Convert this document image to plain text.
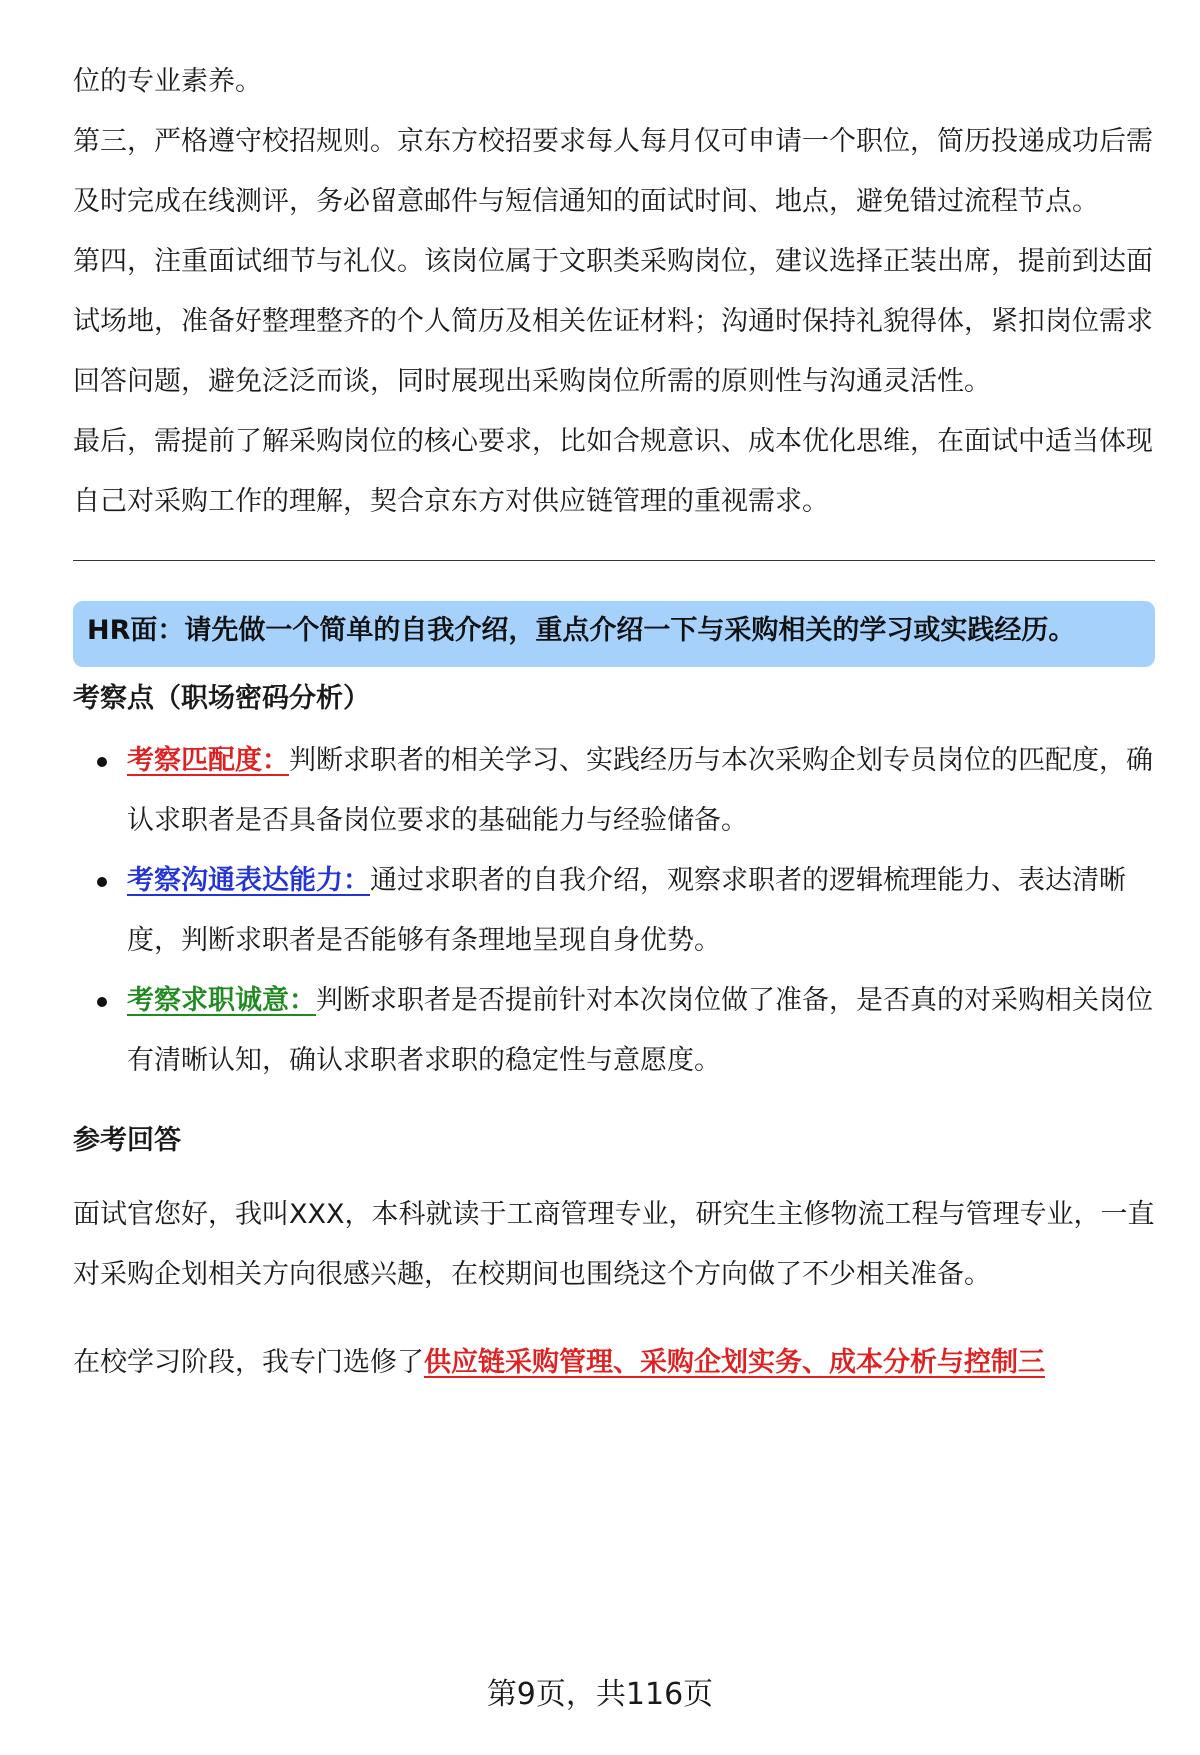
位的专业素养。

第三，严格遵守校招规则。京东方校招要求每人每月仅可申请一个职位，简历投递成功后需及时完成在线测评，务必留意邮件与短信通知的面试时间、地点，避免错过流程节点。

第四，注重面试细节与礼仪。该岗位属于文职类采购岗位，建议选择正装出席，提前到达面试场地，准备好整理整齐的个人简历及相关佐证材料；沟通时保持礼貌得体，紧扣岗位需求回答问题，避免泛泛而谈，同时展现出采购岗位所需的原则性与沟通灵活性。

最后，需提前了解采购岗位的核心要求，比如合规意识、成本优化思维，在面试中适当体现自己对采购工作的理解，契合京东方对供应链管理的重视需求。

HR面：请先做一个简单的自我介绍，重点介绍一下与采购相关的学习或实践经历。
考察点（职场密码分析）
考察匹配度：判断求职者的相关学习、实践经历与本次采购企划专员岗位的匹配度，确认求职者是否具备岗位要求的基础能力与经验储备。
考察沟通表达能力：通过求职者的自我介绍，观察求职者的逻辑梳理能力、表达清晰度，判断求职者是否能够有条理地呈现自身优势。
考察求职诚意：判断求职者是否提前针对本次岗位做了准备，是否真的对采购相关岗位有清晰认知，确认求职者求职的稳定性与意愿度。
参考回答

面试官您好，我叫XXX，本科就读于工商管理专业，研究生主修物流工程与管理专业，一直对采购企划相关方向很感兴趣，在校期间也围绕这个方向做了不少相关准备。

在校学习阶段，我专门选修了供应链采购管理、采购企划实务、成本分析与控制三

第9页，共116页
